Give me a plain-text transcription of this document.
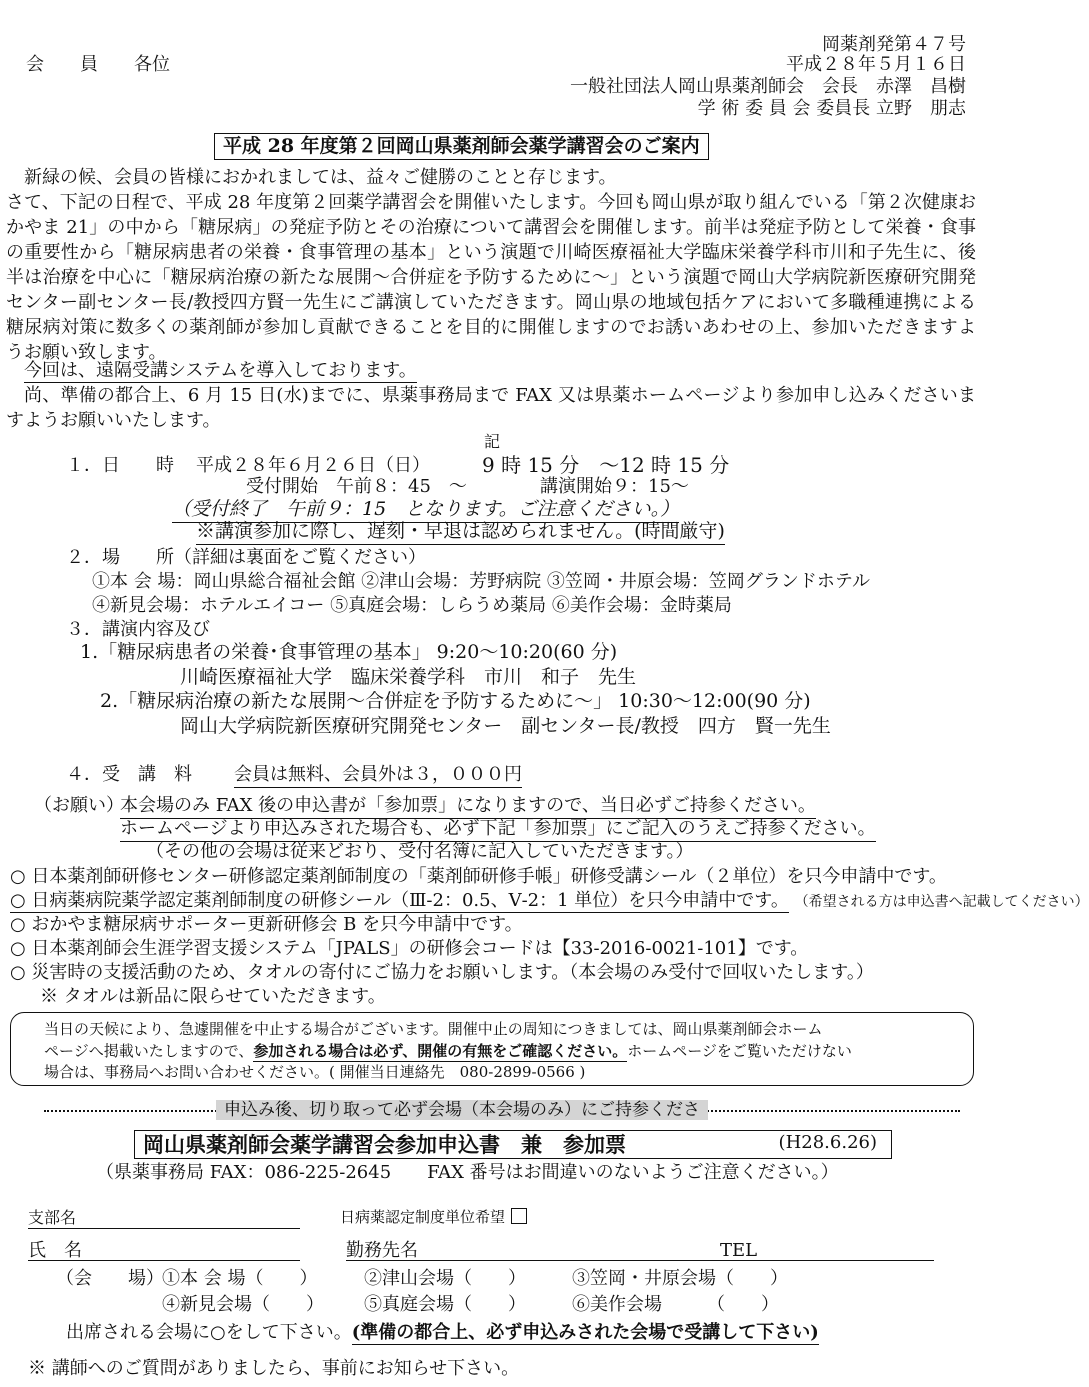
岡薬剤発第４７号
平成２８年５月１６日
会　　員　　各位
一般社団法人岡山県薬剤師会　会長　赤澤　昌樹
学 術 委 員 会 委員長 立野　朋志
平成 28 年度第２回岡山県薬剤師会薬学講習会のご案内
新緑の候、会員の皆様におかれましては、益々ご健勝のことと存じます。
さて、下記の日程で、平成 28 年度第２回薬学講習会を開催いたします。今回も岡山県が取り組んでいる「第２次健康おかやま 21」の中から「糖尿病」の発症予防とその治療について講習会を開催します。前半は発症予防として栄養・食事の重要性から「糖尿病患者の栄養・食事管理の基本」という演題で川崎医療福祉大学臨床栄養学科市川和子先生に、後半は治療を中心に「糖尿病治療の新たな展開～合併症を予防するために～」という演題で岡山大学病院新医療研究開発センター副センター長/教授四方賢一先生にご講演していただきます。岡山県の地域包括ケアにおいて多職種連携による糖尿病対策に数多くの薬剤師が参加し貢献できることを目的に開催しますのでお誘いあわせの上、参加いただきますようお願い致します。
今回は、遠隔受講システムを導入しております。
尚、準備の都合上、6 月 15 日(水)までに、県薬事務局まで FAX 又は県薬ホームページより参加申し込みくださいますようお願いいたします。
記
１．日　　時 平成２８年６月２６日（日）	9 時 15 分　～12 時 15 分
受付開始　午前８：45　～	講演開始９：15～
（受付終了　午前９：15　となります。ご注意ください。）
※講演参加に際し、遅刻・早退は認められません。(時間厳守)
２．場　　所（詳細は裏面をご覧ください）
①本 会 場：岡山県総合福祉会館 ②津山会場：芳野病院 ③笠岡・井原会場：笠岡グランドホテル
④新見会場：ホテルエイコー ⑤真庭会場：しらうめ薬局 ⑥美作会場：金時薬局
３．講演内容及び
1.「糖尿病患者の栄養･食事管理の基本」 9:20～10:20(60 分)
川崎医療福祉大学　臨床栄養学科　市川　和子　先生
2.「糖尿病治療の新たな展開～合併症を予防するために～」 10:30～12:00(90 分)
岡山大学病院新医療研究開発センター　副センター長/教授　四方　賢一先生
４．受　講　料 会員は無料、会員外は３，０００円
（お願い）
本会場のみ FAX 後の申込書が「参加票」になりますので、当日必ずご持参ください。
ホームページより申込みされた場合も、必ず下記「参加票」にご記入のうえご持参ください。
（その他の会場は従来どおり、受付名簿に記入していただきます。）
○ 日本薬剤師研修センター研修認定薬剤師制度の「薬剤師研修手帳」研修受講シール（２単位）を只今申請中です。
○ 日病薬病院薬学認定薬剤師制度の研修シール（Ⅲ-2：0.5、Ⅴ-2：1 単位）を只今申請中です。 （希望される方は申込書へ記載してください）
○ おかやま糖尿病サポーター更新研修会 B を只今申請中です。
○ 日本薬剤師会生涯学習支援システム「JPALS」の研修会コードは【33-2016-0021-101】です。
○ 災害時の支援活動のため、タオルの寄付にご協力をお願いします。（本会場のみ受付で回収いたします。）
※ タオルは新品に限らせていただきます。
当日の天候により、急遽開催を中止する場合がございます。開催中止の周知につきましては、岡山県薬剤師会ホーム
ページへ掲載いたしますので、参加される場合は必ず、開催の有無をご確認ください。ホームページをご覧いただけない
場合は、事務局へお問い合わせください。( 開催当日連絡先　080-2899-0566 )
申込み後、切り取って必ず会場（本会場のみ）にご持参くださ
岡山県薬剤師会薬学講習会参加申込書　兼　参加票	(H28.6.26)
（県薬事務局 FAX：086-225-2645　　FAX 番号はお間違いのないようご注意ください。）
支部名	日病薬認定制度単位希望
氏　名	勤務先名	TEL
（会　　場）
①本 会 場（　　）	②津山会場（　　）	③笠岡・井原会場（　　）
④新見会場（　　） ⑤真庭会場（　　）	⑥美作会場　　　（　　）
出席される会場に○をして下さい。(準備の都合上、必ず申込みされた会場で受講して下さい)
※ 講師へのご質問がありましたら、事前にお知らせ下さい。
